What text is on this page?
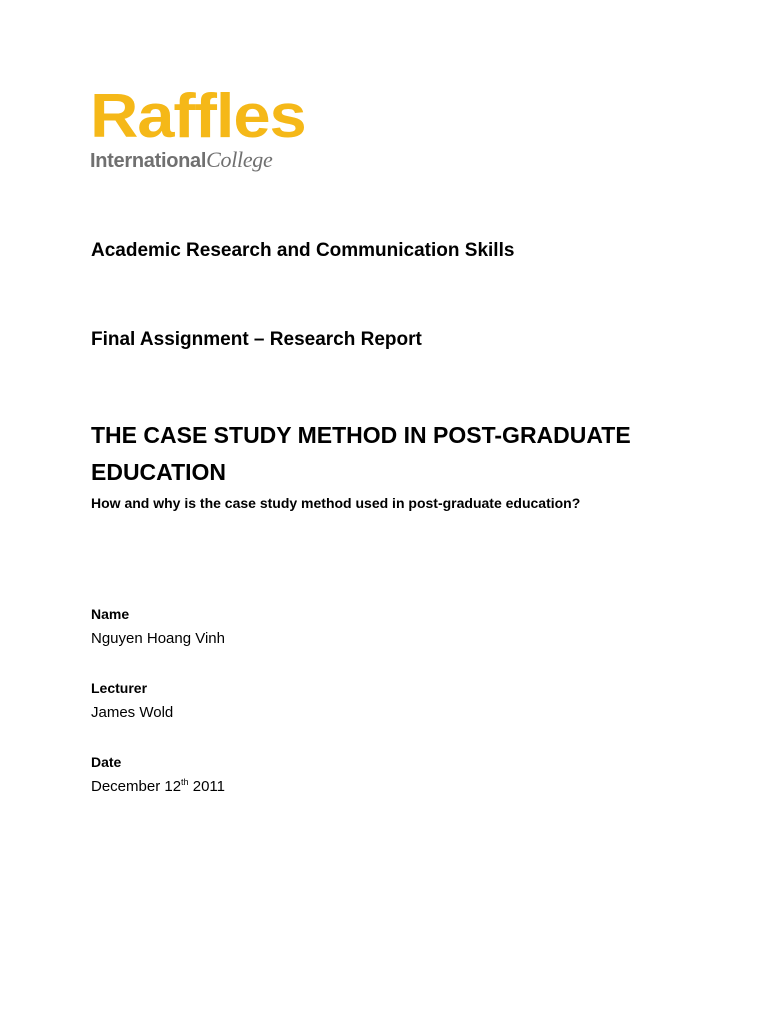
Raffles
InternationalCollege
Academic Research and Communication Skills
Final Assignment – Research Report
THE CASE STUDY METHOD IN POST-GRADUATE EDUCATION
How and why is the case study method used in post-graduate education?
Name
Nguyen Hoang Vinh
Lecturer
James Wold
Date
December 12th 2011
